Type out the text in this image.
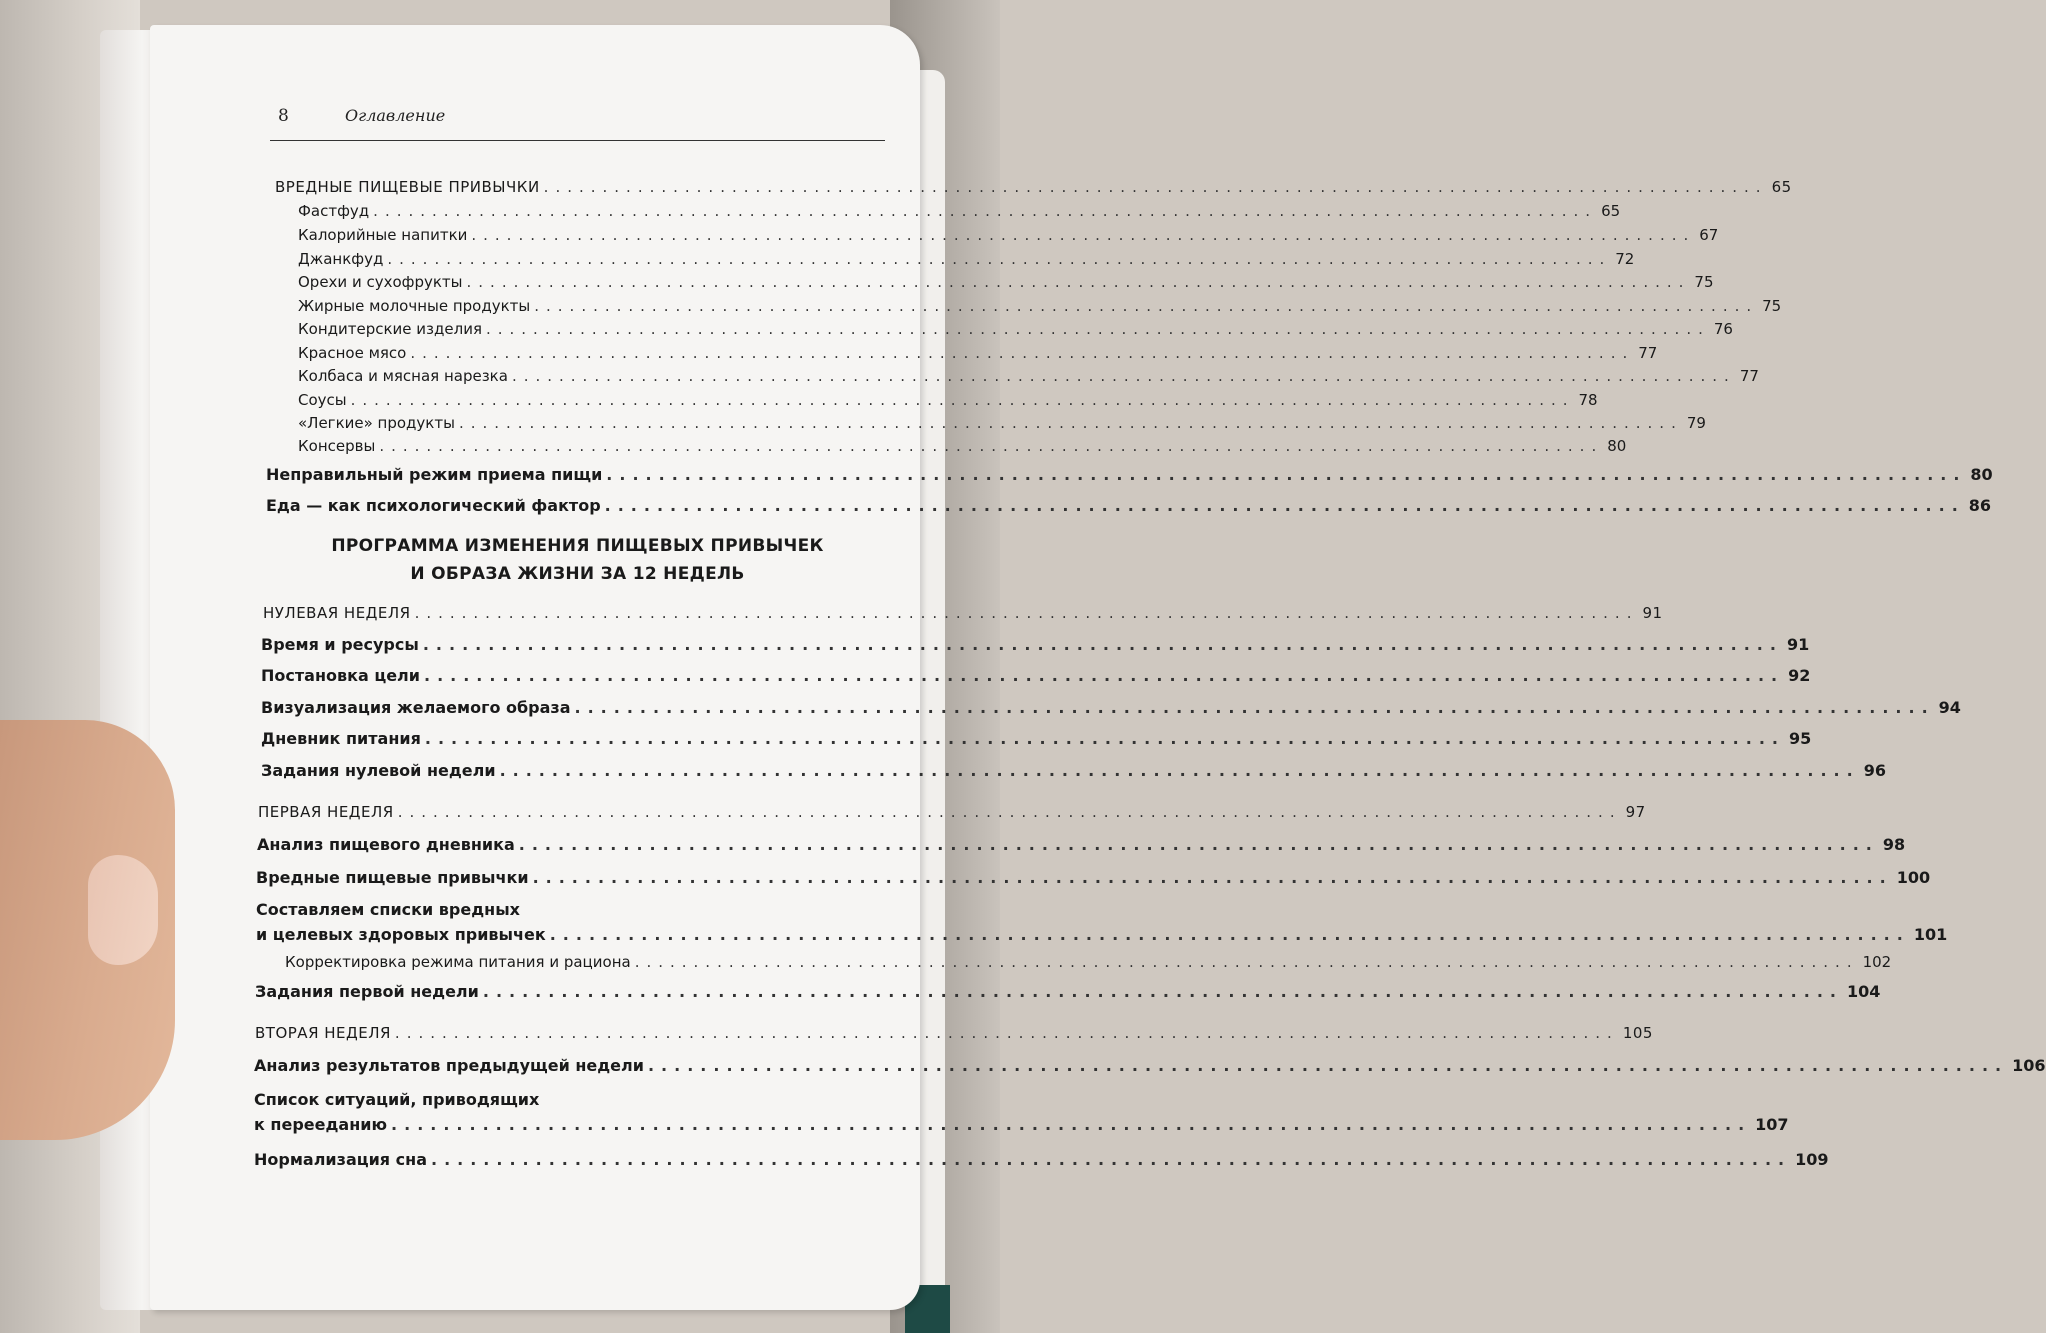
8	Оглавление
ВРЕДНЫЕ ПИЩЕВЫЕ ПРИВЫЧКИ ........................................................................................................ 65
Фастфуд ........................................................................................................ 65
Калорийные напитки ........................................................................................................ 67
Джанкфуд ........................................................................................................ 72
Орехи и сухофрукты ........................................................................................................ 75
Жирные молочные продукты ........................................................................................................ 75
Кондитерские изделия ........................................................................................................ 76
Красное мясо ........................................................................................................ 77
Колбаса и мясная нарезка ........................................................................................................ 77
Соусы ........................................................................................................ 78
«Легкие» продукты ........................................................................................................ 79
Консервы ........................................................................................................ 80
Неправильный режим приема пищи ........................................................................................................ 80
Еда — как психологический фактор ........................................................................................................ 86
ПРОГРАММА ИЗМЕНЕНИЯ ПИЩЕВЫХ ПРИВЫЧЕК
И ОБРАЗА ЖИЗНИ ЗА 12 НЕДЕЛЬ
НУЛЕВАЯ НЕДЕЛЯ ........................................................................................................ 91
Время и ресурсы ........................................................................................................ 91
Постановка цели ........................................................................................................ 92
Визуализация желаемого образа ........................................................................................................ 94
Дневник питания ........................................................................................................ 95
Задания нулевой недели ........................................................................................................ 96
ПЕРВАЯ НЕДЕЛЯ ........................................................................................................ 97
Анализ пищевого дневника ........................................................................................................ 98
Вредные пищевые привычки ........................................................................................................ 100
Составляем списки вредных
и целевых здоровых привычек ........................................................................................................ 101
Корректировка режима питания и рациона ........................................................................................................ 102
Задания первой недели ........................................................................................................ 104
ВТОРАЯ НЕДЕЛЯ ........................................................................................................ 105
Анализ результатов предыдущей недели ........................................................................................................ 106
Список ситуаций, приводящих
к перееданию ........................................................................................................ 107
Нормализация сна ........................................................................................................ 109
